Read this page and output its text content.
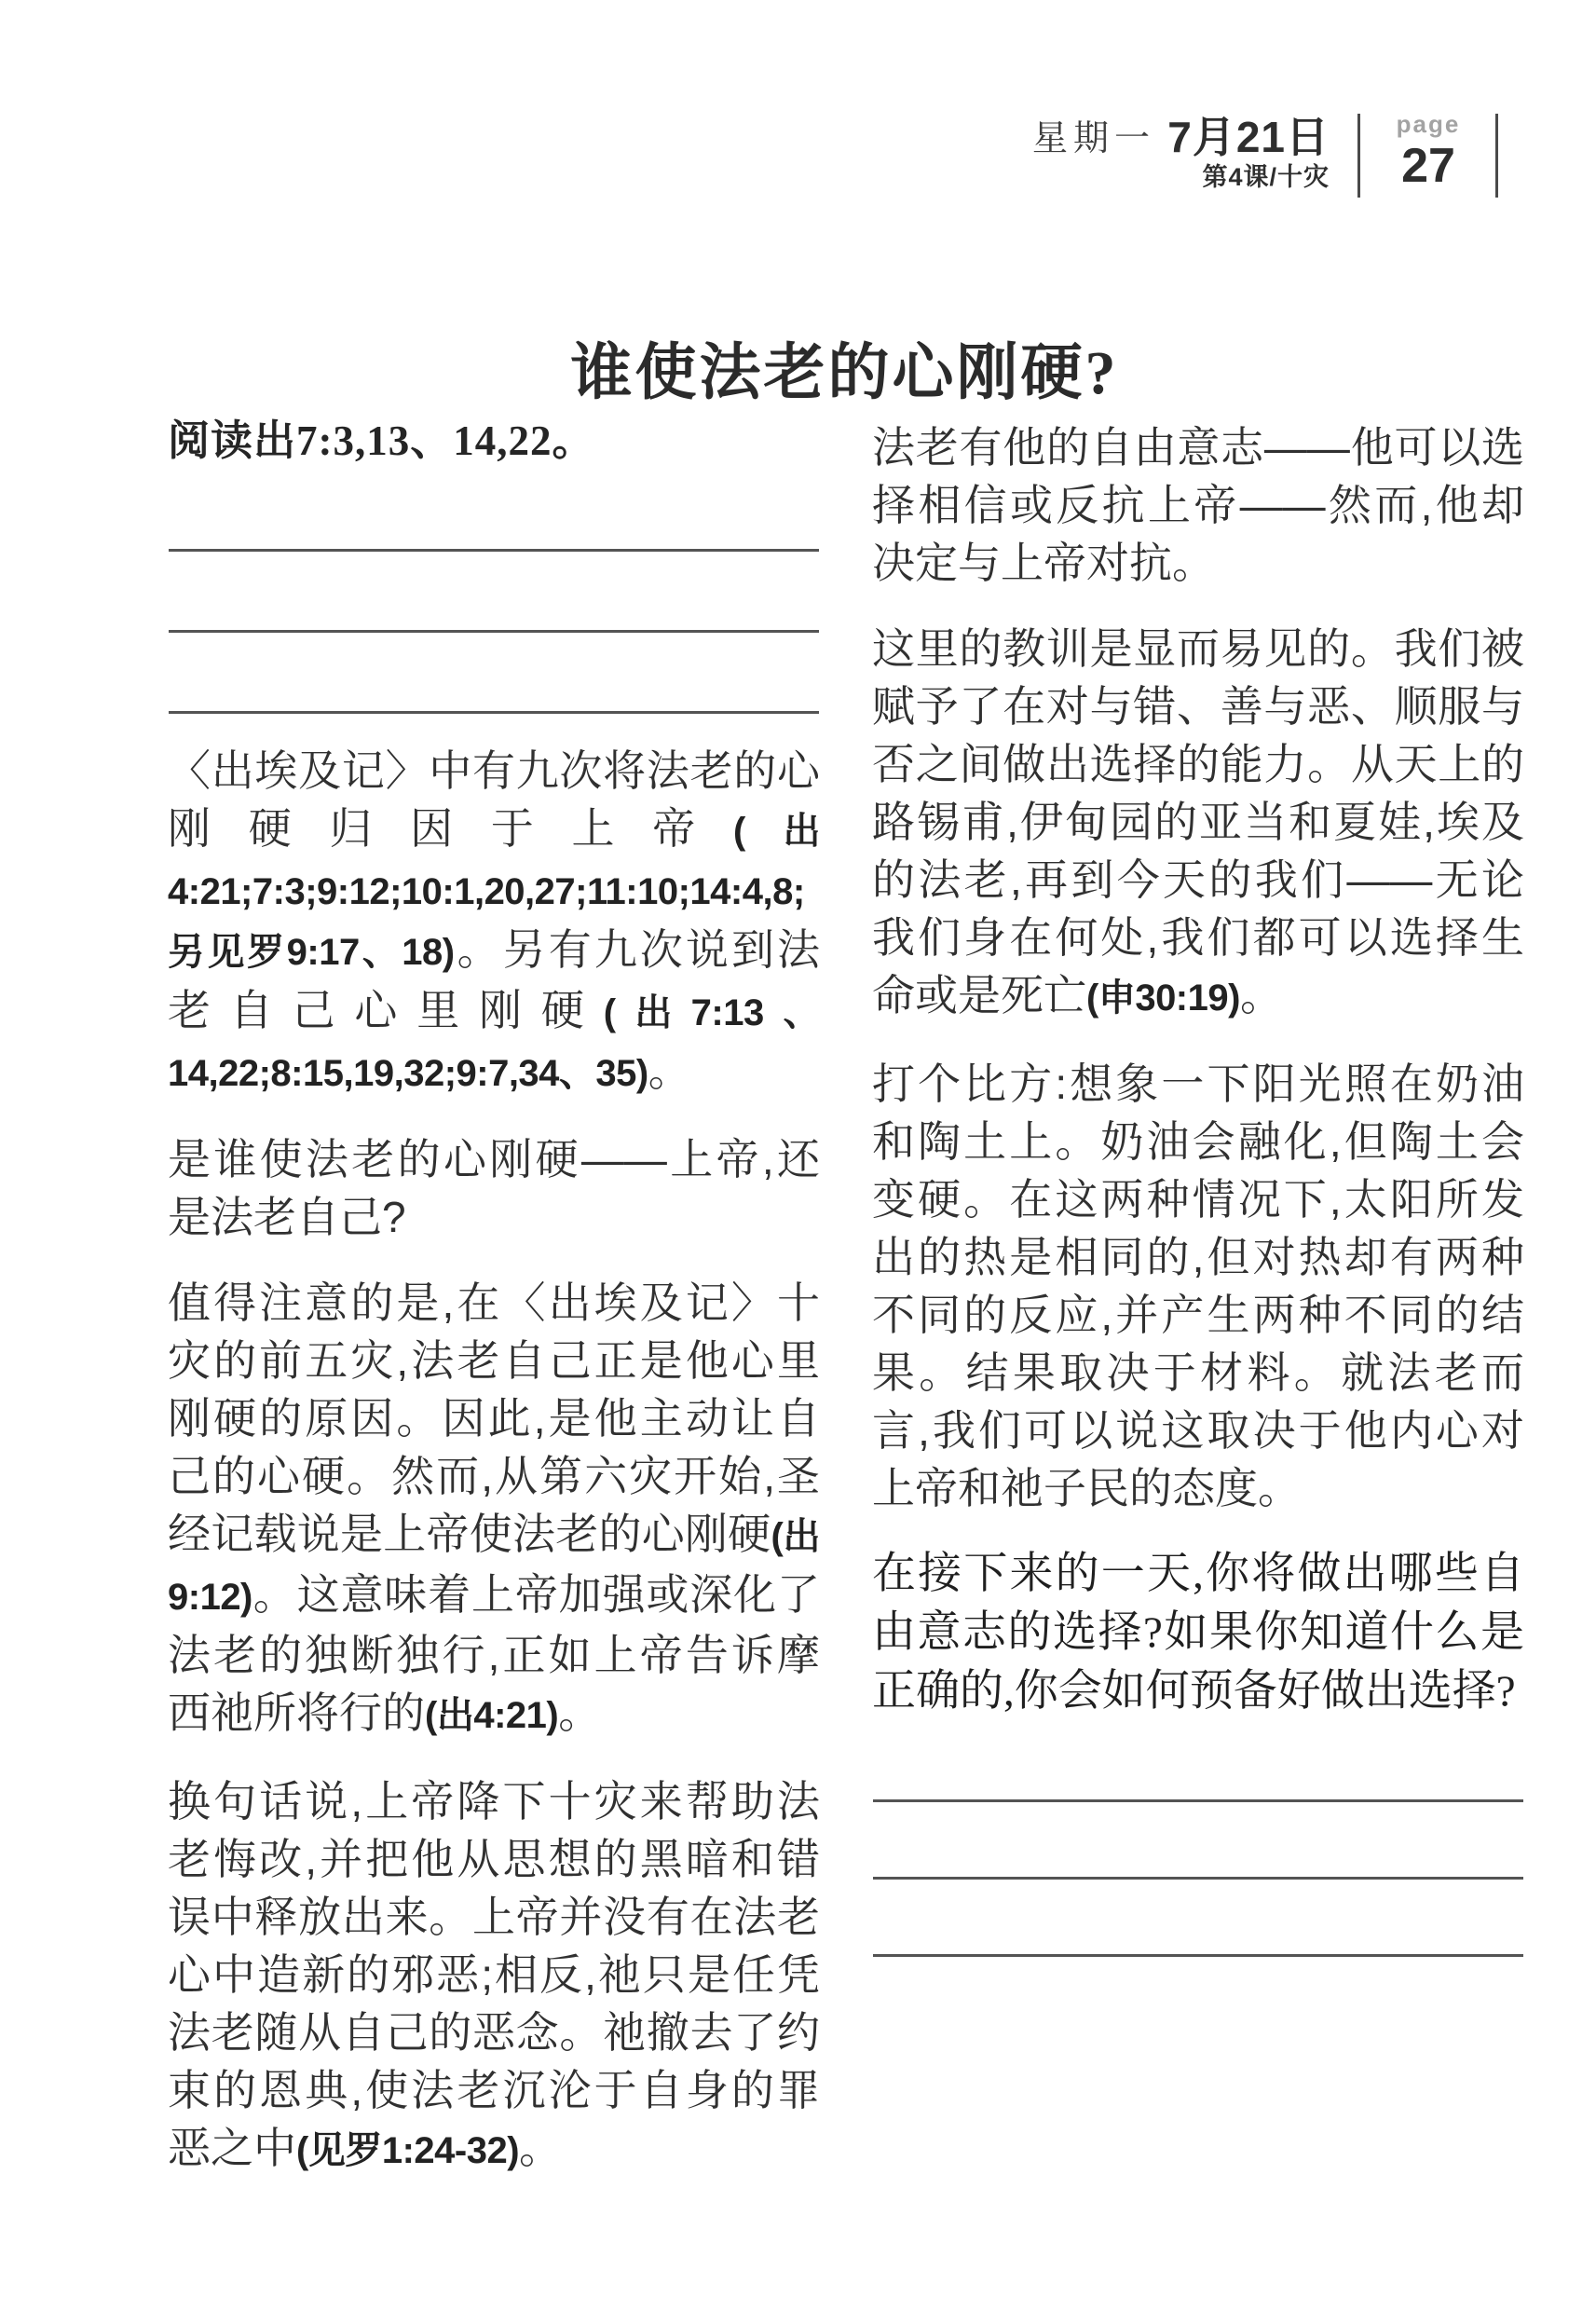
星期一 7月21日
第4课/十灾
page
27
谁使法老的心刚硬?
阅读出7:3,13、14,22。

〈出埃及记〉中有九次将法老的心刚硬归因于上帝(出4:21;7:3;9:12;10:1,20,27;11:10;14:4,8;另见罗9:17、18)。另有九次说到法老自己心里刚硬(出7:13、14,22;8:15,19,32;9:7,34、35)。

是谁使法老的心刚硬——上帝,还是法老自己?

值得注意的是,在〈出埃及记〉十灾的前五灾,法老自己正是他心里刚硬的原因。因此,是他主动让自己的心硬。然而,从第六灾开始,圣经记载说是上帝使法老的心刚硬(出9:12)。这意味着上帝加强或深化了法老的独断独行,正如上帝告诉摩西祂所将行的(出4:21)。

换句话说,上帝降下十灾来帮助法老悔改,并把他从思想的黑暗和错误中释放出来。上帝并没有在法老心中造新的邪恶;相反,祂只是任凭法老随从自己的恶念。祂撤去了约束的恩典,使法老沉沦于自身的罪恶之中(见罗1:24-32)。

法老有他的自由意志——他可以选择相信或反抗上帝——然而,他却决定与上帝对抗。

这里的教训是显而易见的。我们被赋予了在对与错、善与恶、顺服与否之间做出选择的能力。从天上的路锡甫,伊甸园的亚当和夏娃,埃及的法老,再到今天的我们——无论我们身在何处,我们都可以选择生命或是死亡(申30:19)。

打个比方:想象一下阳光照在奶油和陶土上。奶油会融化,但陶土会变硬。在这两种情况下,太阳所发出的热是相同的,但对热却有两种不同的反应,并产生两种不同的结果。结果取决于材料。就法老而言,我们可以说这取决于他内心对上帝和祂子民的态度。

在接下来的一天,你将做出哪些自由意志的选择?如果你知道什么是正确的,你会如何预备好做出选择?
